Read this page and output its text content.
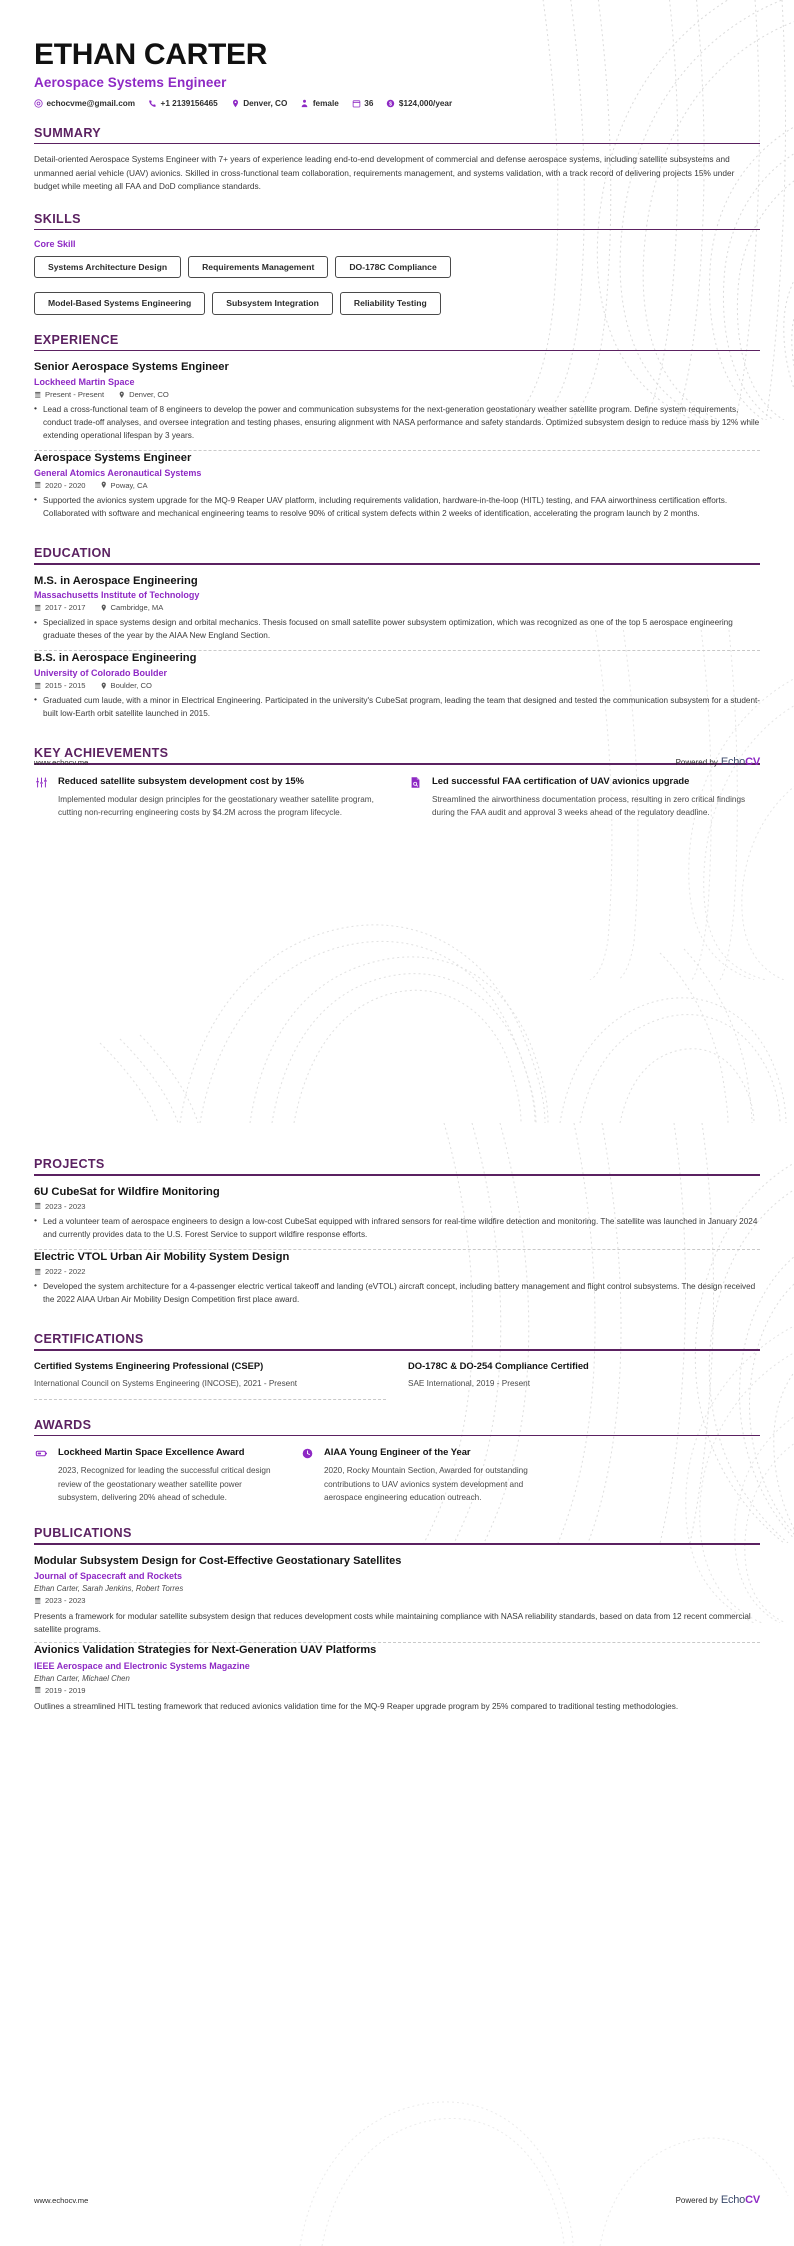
ETHAN CARTER
Aerospace Systems Engineer
echocvme@gmail.com	+1 2139156465	Denver, CO	female	36 $ $124,000/year
SUMMARY
Detail-oriented Aerospace Systems Engineer with 7+ years of experience leading end-to-end development of commercial and defense aerospace systems, including satellite subsystems and unmanned aerial vehicle (UAV) avionics. Skilled in cross-functional team collaboration, requirements management, and systems validation, with a track record of delivering projects 15% under budget while meeting all FAA and DoD compliance standards.
SKILLS
Core Skill
Systems Architecture Design	Requirements Management	DO-178C Compliance
Model-Based Systems Engineering	Subsystem Integration	Reliability Testing
EXPERIENCE
Senior Aerospace Systems Engineer
Lockheed Martin Space
Present - Present	Denver, CO
• Lead a cross-functional team of 8 engineers to develop the power and communication subsystems for the next-generation geostationary weather satellite program. Define system requirements, conduct trade-off analyses, and oversee integration and testing phases, ensuring alignment with NASA performance and safety standards. Optimized subsystem design to reduce mass by 12% while extending operational lifespan by 3 years.
Aerospace Systems Engineer
General Atomics Aeronautical Systems
2020 - 2020	Poway, CA
• Supported the avionics system upgrade for the MQ-9 Reaper UAV platform, including requirements validation, hardware-in-the-loop (HITL) testing, and FAA airworthiness certification efforts. Collaborated with software and mechanical engineering teams to resolve 90% of critical system defects within 2 weeks of identification, accelerating the program launch by 2 months.
EDUCATION
M.S. in Aerospace Engineering
Massachusetts Institute of Technology
2017 - 2017	Cambridge, MA
• Specialized in space systems design and orbital mechanics. Thesis focused on small satellite power subsystem optimization, which was recognized as one of the top 5 aerospace engineering graduate theses of the year by the AIAA New England Section.
B.S. in Aerospace Engineering
University of Colorado Boulder
2015 - 2015	Boulder, CO
• Graduated cum laude, with a minor in Electrical Engineering. Participated in the university's CubeSat program, leading the team that designed and tested the communication subsystem for a student-built low-Earth orbit satellite launched in 2015.
KEY ACHIEVEMENTS
Reduced satellite subsystem development cost by 15%
Implemented modular design principles for the geostationary weather satellite program, cutting non-recurring engineering costs by $4.2M across the program lifecycle.
Led successful FAA certification of UAV avionics upgrade
Streamlined the airworthiness documentation process, resulting in zero critical findings during the FAA audit and approval 3 weeks ahead of the regulatory deadline.
www.echocv.me	Powered by EchoCV
PROJECTS
6U CubeSat for Wildfire Monitoring
2023 - 2023
• Led a volunteer team of aerospace engineers to design a low-cost CubeSat equipped with infrared sensors for real-time wildfire detection and monitoring. The satellite was launched in January 2024 and currently provides data to the U.S. Forest Service to support wildfire response efforts.
Electric VTOL Urban Air Mobility System Design
2022 - 2022
• Developed the system architecture for a 4-passenger electric vertical takeoff and landing (eVTOL) aircraft concept, including battery management and flight control subsystems. The design received the 2022 AIAA Urban Air Mobility Design Competition first place award.
CERTIFICATIONS
Certified Systems Engineering Professional (CSEP)
International Council on Systems Engineering (INCOSE), 2021 - Present
DO-178C & DO-254 Compliance Certified
SAE International, 2019 - Present
AWARDS
Lockheed Martin Space Excellence Award
2023, Recognized for leading the successful critical design review of the geostationary weather satellite power subsystem, delivering 20% ahead of schedule.
AIAA Young Engineer of the Year
2020, Rocky Mountain Section, Awarded for outstanding contributions to UAV avionics system development and aerospace engineering education outreach.
PUBLICATIONS
Modular Subsystem Design for Cost-Effective Geostationary Satellites
Journal of Spacecraft and Rockets
Ethan Carter, Sarah Jenkins, Robert Torres
2023 - 2023
Presents a framework for modular satellite subsystem design that reduces development costs while maintaining compliance with NASA reliability standards, based on data from 12 recent commercial satellite programs.
Avionics Validation Strategies for Next-Generation UAV Platforms
IEEE Aerospace and Electronic Systems Magazine
Ethan Carter, Michael Chen
2019 - 2019
Outlines a streamlined HITL testing framework that reduced avionics validation time for the MQ-9 Reaper upgrade program by 25% compared to traditional testing methodologies.
www.echocv.me	Powered by EchoCV
